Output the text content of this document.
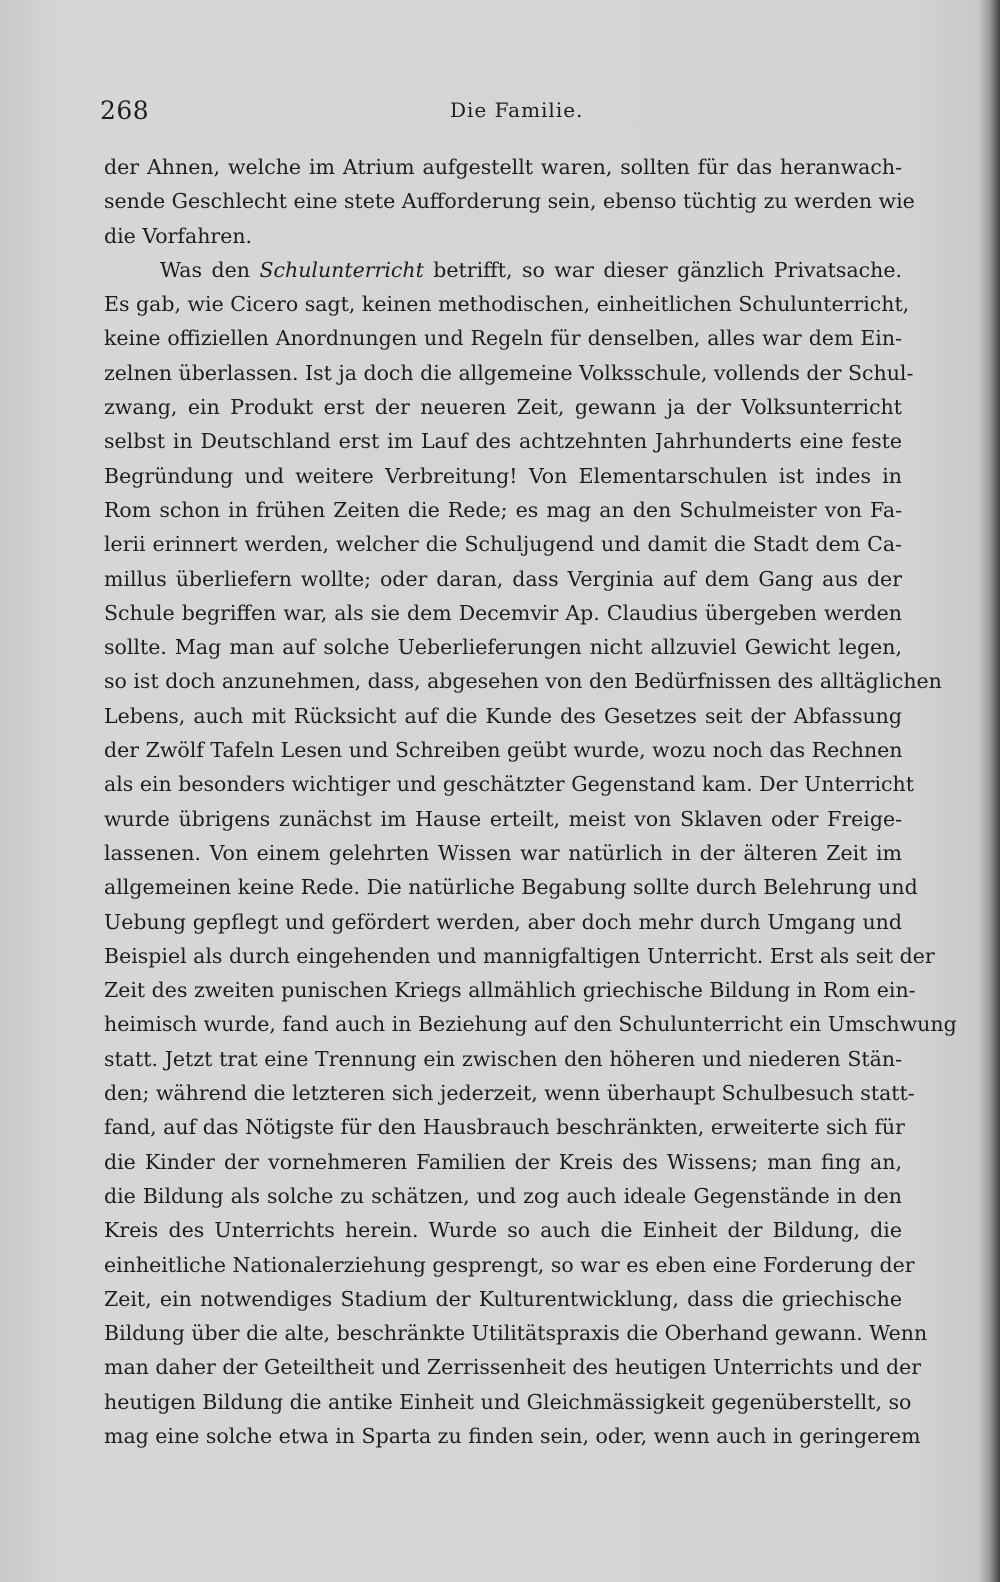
268	Die Familie.
der Ahnen, welche im Atrium aufgestellt waren, sollten für das heranwach-
sende Geschlecht eine stete Aufforderung sein, ebenso tüchtig zu werden wie
die Vorfahren.
Was den Schulunterricht betrifft, so war dieser gänzlich Privatsache.
Es gab, wie Cicero sagt, keinen methodischen, einheitlichen Schulunterricht,
keine offiziellen Anordnungen und Regeln für denselben, alles war dem Ein-
zelnen überlassen. Ist ja doch die allgemeine Volksschule, vollends der Schul-
zwang, ein Produkt erst der neueren Zeit, gewann ja der Volksunterricht
selbst in Deutschland erst im Lauf des achtzehnten Jahrhunderts eine feste
Begründung und weitere Verbreitung! Von Elementarschulen ist indes in
Rom schon in frühen Zeiten die Rede; es mag an den Schulmeister von Fa-
lerii erinnert werden, welcher die Schuljugend und damit die Stadt dem Ca-
millus überliefern wollte; oder daran, dass Verginia auf dem Gang aus der
Schule begriffen war, als sie dem Decemvir Ap. Claudius übergeben werden
sollte. Mag man auf solche Ueberlieferungen nicht allzuviel Gewicht legen,
so ist doch anzunehmen, dass, abgesehen von den Bedürfnissen des alltäglichen
Lebens, auch mit Rücksicht auf die Kunde des Gesetzes seit der Abfassung
der Zwölf Tafeln Lesen und Schreiben geübt wurde, wozu noch das Rechnen
als ein besonders wichtiger und geschätzter Gegenstand kam. Der Unterricht
wurde übrigens zunächst im Hause erteilt, meist von Sklaven oder Freige-
lassenen. Von einem gelehrten Wissen war natürlich in der älteren Zeit im
allgemeinen keine Rede. Die natürliche Begabung sollte durch Belehrung und
Uebung gepflegt und gefördert werden, aber doch mehr durch Umgang und
Beispiel als durch eingehenden und mannigfaltigen Unterricht. Erst als seit der
Zeit des zweiten punischen Kriegs allmählich griechische Bildung in Rom ein-
heimisch wurde, fand auch in Beziehung auf den Schulunterricht ein Umschwung
statt. Jetzt trat eine Trennung ein zwischen den höheren und niederen Stän-
den; während die letzteren sich jederzeit, wenn überhaupt Schulbesuch statt-
fand, auf das Nötigste für den Hausbrauch beschränkten, erweiterte sich für
die Kinder der vornehmeren Familien der Kreis des Wissens; man fing an,
die Bildung als solche zu schätzen, und zog auch ideale Gegenstände in den
Kreis des Unterrichts herein. Wurde so auch die Einheit der Bildung, die
einheitliche Nationalerziehung gesprengt, so war es eben eine Forderung der
Zeit, ein notwendiges Stadium der Kulturentwicklung, dass die griechische
Bildung über die alte, beschränkte Utilitätspraxis die Oberhand gewann. Wenn
man daher der Geteiltheit und Zerrissenheit des heutigen Unterrichts und der
heutigen Bildung die antike Einheit und Gleichmässigkeit gegenüberstellt, so
mag eine solche etwa in Sparta zu finden sein, oder, wenn auch in geringerem
